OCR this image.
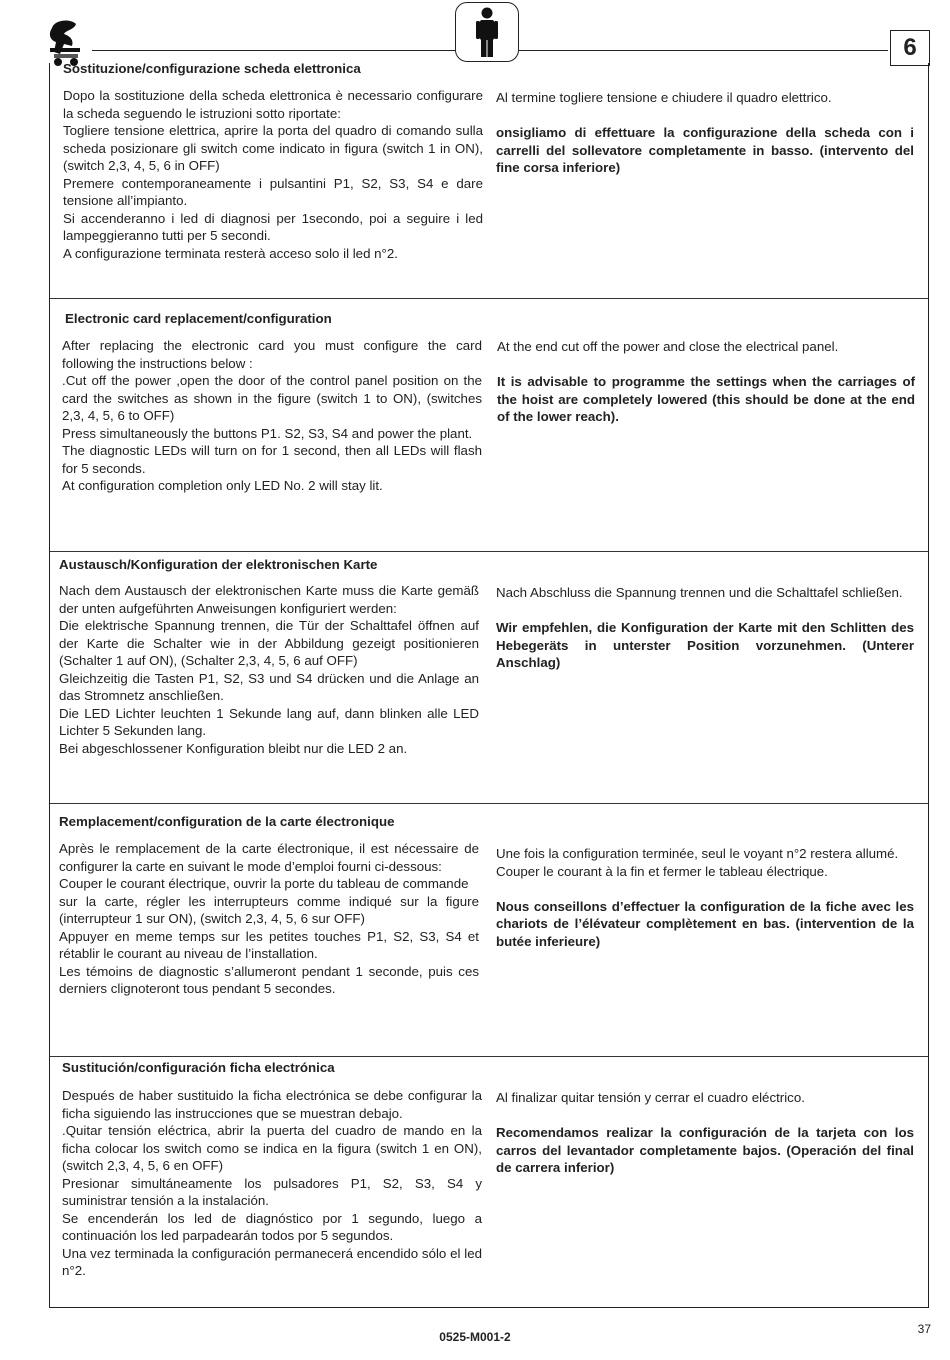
6
Sostituzione/configurazione scheda elettronica

Dopo la sostituzione della scheda elettronica è necessario configurare la scheda seguendo le istruzioni sotto riportate:

Togliere tensione elettrica, aprire la porta del quadro di comando sulla scheda posizionare gli switch come indicato in figura (switch 1 in ON), (switch 2,3, 4, 5, 6 in OFF)

Premere contemporaneamente i pulsantini P1, S2, S3, S4 e dare tensione all’impianto.

Si accenderanno i led di diagnosi per 1secondo, poi a seguire i led lampeggieranno tutti per 5 secondi.

A configurazione terminata resterà acceso solo il led n°2.

Al termine togliere tensione e chiudere il quadro elettrico.

onsigliamo di effettuare la configurazione della scheda con i carrelli del sollevatore completamente in basso. (intervento del fine corsa inferiore)

Electronic card replacement/configuration

After replacing the electronic card you must configure the card following the instructions below :

.Cut off the power ,open the door of the control panel position on the card the switches as shown in the figure (switch 1 to ON), (switches 2,3, 4, 5, 6 to OFF)

Press simultaneously the buttons P1. S2, S3, S4 and power the plant.

The diagnostic LEDs will turn on for 1 second, then all LEDs will flash for 5 seconds.

At configuration completion only LED No. 2 will stay lit.

At the end cut off the power and close the electrical panel.

It is advisable to programme the settings when the carriages of the hoist are completely lowered (this should be done at the end of the lower reach).

Austausch/Konfiguration der elektronischen Karte

Nach dem Austausch der elektronischen Karte muss die Karte gemäß der unten aufgeführten Anweisungen konfiguriert werden:

Die elektrische Spannung trennen, die Tür der Schalttafel öffnen auf der Karte die Schalter wie in der Abbildung gezeigt positionieren (Schalter 1 auf ON), (Schalter 2,3, 4, 5, 6 auf OFF)

Gleichzeitig die Tasten P1, S2, S3 und S4 drücken und die Anlage an das Stromnetz anschließen.

Die LED Lichter leuchten 1 Sekunde lang auf, dann blinken alle LED Lichter 5 Sekunden lang.

Bei abgeschlossener Konfiguration bleibt nur die LED 2 an.

Nach Abschluss die Spannung trennen und die Schalttafel schließen.

Wir empfehlen, die Konfiguration der Karte mit den Schlitten des Hebegeräts in unterster Position vorzunehmen. (Unterer Anschlag)

Remplacement/configuration de la carte électronique

Après le remplacement de la carte électronique, il est nécessaire de configurer la carte en suivant le mode d’emploi fourni ci-dessous:

Couper le courant électrique, ouvrir la porte du tableau de commande

sur la carte, régler les interrupteurs comme indiqué sur la figure (interrupteur 1 sur ON), (switch 2,3, 4, 5, 6 sur OFF)

Appuyer en meme temps sur les petites touches P1, S2, S3, S4 et rétablir le courant au niveau de l’installation.

Les témoins de diagnostic s’allumeront pendant 1 seconde, puis ces derniers clignoteront tous pendant 5 secondes.

Une fois la configuration terminée, seul le voyant n°2 restera allumé.
Couper le courant à la fin et fermer le tableau électrique.

Nous conseillons d’effectuer la configuration de la fiche avec les chariots de l’élévateur complètement en bas. (intervention de la butée inferieure)

Sustitución/configuración ficha electrónica

Después de haber sustituido la ficha electrónica se debe configurar la ficha siguiendo las instrucciones que se muestran debajo.

.Quitar tensión eléctrica, abrir la puerta del cuadro de mando en la ficha colocar los switch como se indica en la figura (switch 1 en ON), (switch 2,3, 4, 5, 6 en OFF)

Presionar simultáneamente los pulsadores P1, S2, S3, S4 y suministrar tensión a la instalación.

Se encenderán los led de diagnóstico por 1 segundo, luego a continuación los led parpadearán todos por 5 segundos.

Una vez terminada la configuración permanecerá encendido sólo el led n°2.

Al finalizar quitar tensión y cerrar el cuadro eléctrico.

Recomendamos realizar la configuración de la tarjeta con los carros del levantador completamente bajos. (Operación del final de carrera inferior)

37
0525-M001-2
